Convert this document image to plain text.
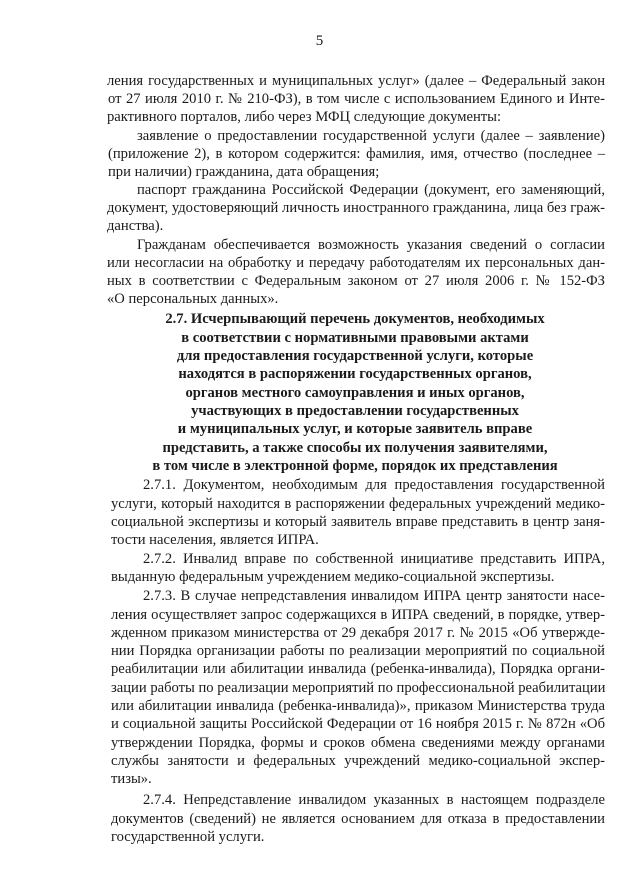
5
ления государственных и муниципальных услуг» (далее – Федеральный закон
от 27 июля 2010 г. № 210-ФЗ), в том числе с использованием Единого и Инте-
рактивного порталов, либо через МФЦ следующие документы:
заявление о предоставлении государственной услуги (далее – заявление)
(приложение 2), в котором содержится: фамилия, имя, отчество (последнее –
при наличии) гражданина, дата обращения;
паспорт гражданина Российской Федерации (документ, его заменяющий,
документ, удостоверяющий личность иностранного гражданина, лица без граж-
данства).
Гражданам обеспечивается возможность указания сведений о согласии
или несогласии на обработку и передачу работодателям их персональных дан-
ных в соответствии с Федеральным законом от 27 июля 2006 г. № 152-ФЗ
«О персональных данных».
2.7. Исчерпывающий перечень документов, необходимых
в соответствии с нормативными правовыми актами
для предоставления государственной услуги, которые
находятся в распоряжении государственных органов,
органов местного самоуправления и иных органов,
участвующих в предоставлении государственных
и муниципальных услуг, и которые заявитель вправе
представить, а также способы их получения заявителями,
в том числе в электронной форме, порядок их представления
2.7.1. Документом, необходимым для предоставления государственной
услуги, который находится в распоряжении федеральных учреждений медико-
социальной экспертизы и который заявитель вправе представить в центр заня-
тости населения, является ИПРА.
2.7.2. Инвалид вправе по собственной инициативе представить ИПРА,
выданную федеральным учреждением медико-социальной экспертизы.
2.7.3. В случае непредставления инвалидом ИПРА центр занятости насе-
ления осуществляет запрос содержащихся в ИПРА сведений, в порядке, утвер-
жденном приказом министерства от 29 декабря 2017 г. № 2015 «Об утвержде-
нии Порядка организации работы по реализации мероприятий по социальной
реабилитации или абилитации инвалида (ребенка-инвалида), Порядка органи-
зации работы по реализации мероприятий по профессиональной реабилитации
или абилитации инвалида (ребенка-инвалида)», приказом Министерства труда
и социальной защиты Российской Федерации от 16 ноября 2015 г. № 872н «Об
утверждении Порядка, формы и сроков обмена сведениями между органами
службы занятости и федеральных учреждений медико-социальной экспер-
тизы».
2.7.4. Непредставление инвалидом указанных в настоящем подразделе
документов (сведений) не является основанием для отказа в предоставлении
государственной услуги.
